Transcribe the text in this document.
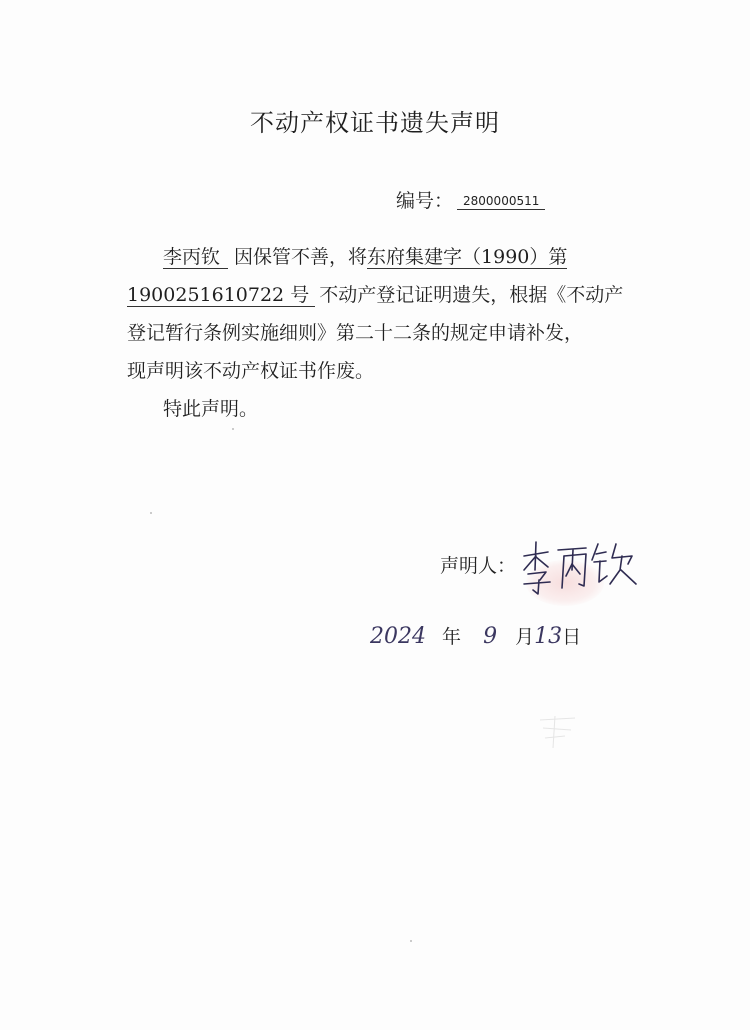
不动产权证书遗失声明
编号： 2800000511
李丙钦 因保管不善，将东府集建字（1990）第
1900251610722 号 不动产登记证明遗失，根据《不动产
登记暂行条例实施细则》第二十二条的规定申请补发，
现声明该不动产权证书作废。
特此声明。
声明人：
2024 年 9 月13日
